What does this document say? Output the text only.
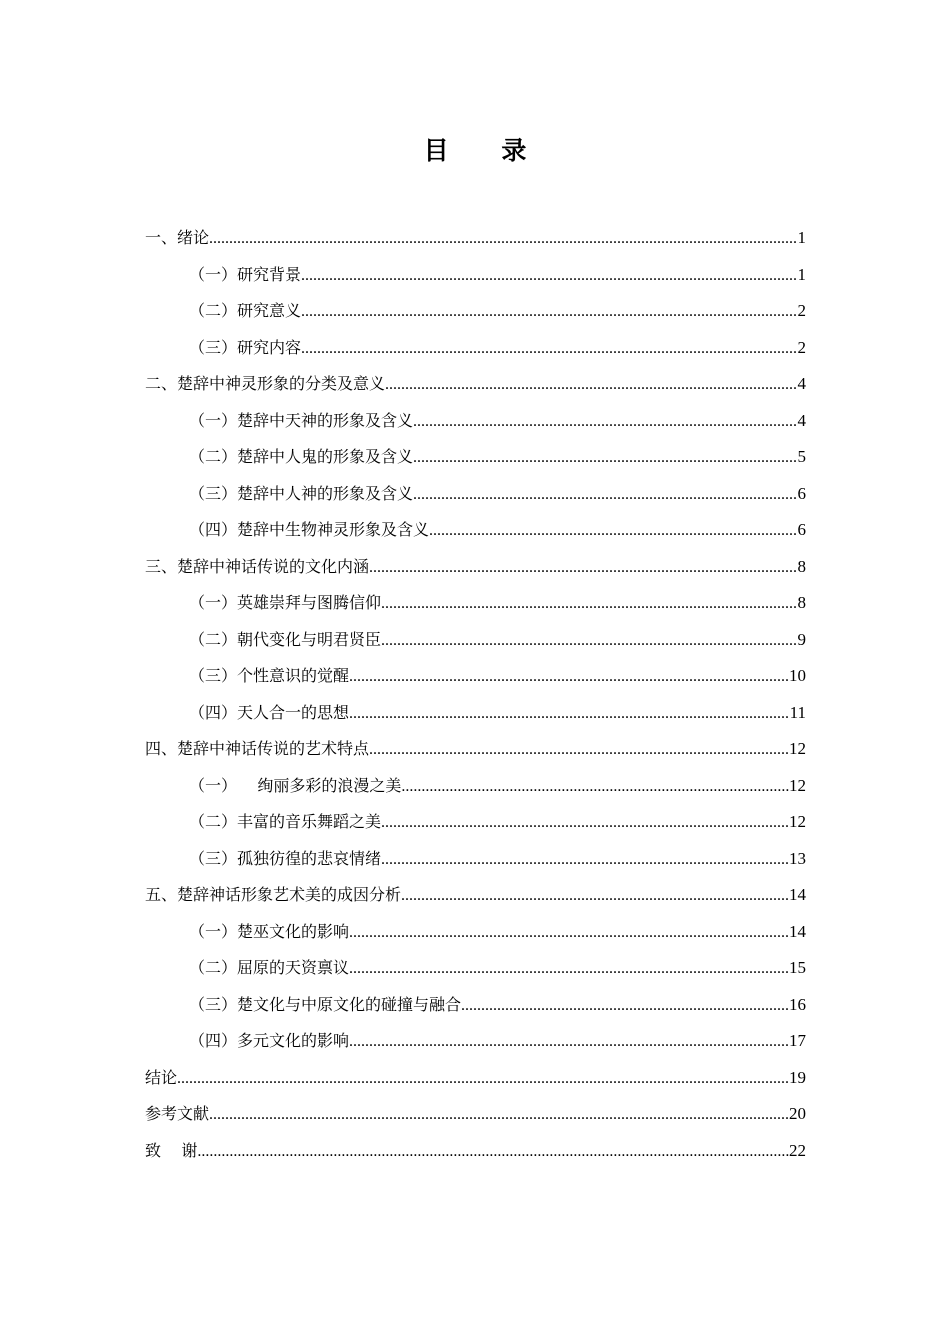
目 录
一、绪论 .....	1
（一）研究背景 .....	1
（二）研究意义 .....	2
（三）研究内容 .....	2
二、楚辞中神灵形象的分类及意义 .....	4
（一）楚辞中天神的形象及含义 .....	4
（二）楚辞中人鬼的形象及含义 .....	5
（三）楚辞中人神的形象及含义 .....	6
（四）楚辞中生物神灵形象及含义 .....	6
三、楚辞中神话传说的文化内涵 .....	8
（一）英雄崇拜与图腾信仰 .....	8
（二）朝代变化与明君贤臣 .....	9
（三）个性意识的觉醒 .....	10
（四）天人合一的思想 .....	11
四、楚辞中神话传说的艺术特点 .....	12
（一）    绚丽多彩的浪漫之美 .....	12
（二）丰富的音乐舞蹈之美 .....	12
（三）孤独彷徨的悲哀情绪 .....	13
五、楚辞神话形象艺术美的成因分析 .....	14
（一）楚巫文化的影响 .....	14
（二）屈原的天资禀议 .....	15
（三）楚文化与中原文化的碰撞与融合 .....	16
（四）多元文化的影响 .....	17
结论 .....	19
参考文献 .....	20
致    谢 .....	22
